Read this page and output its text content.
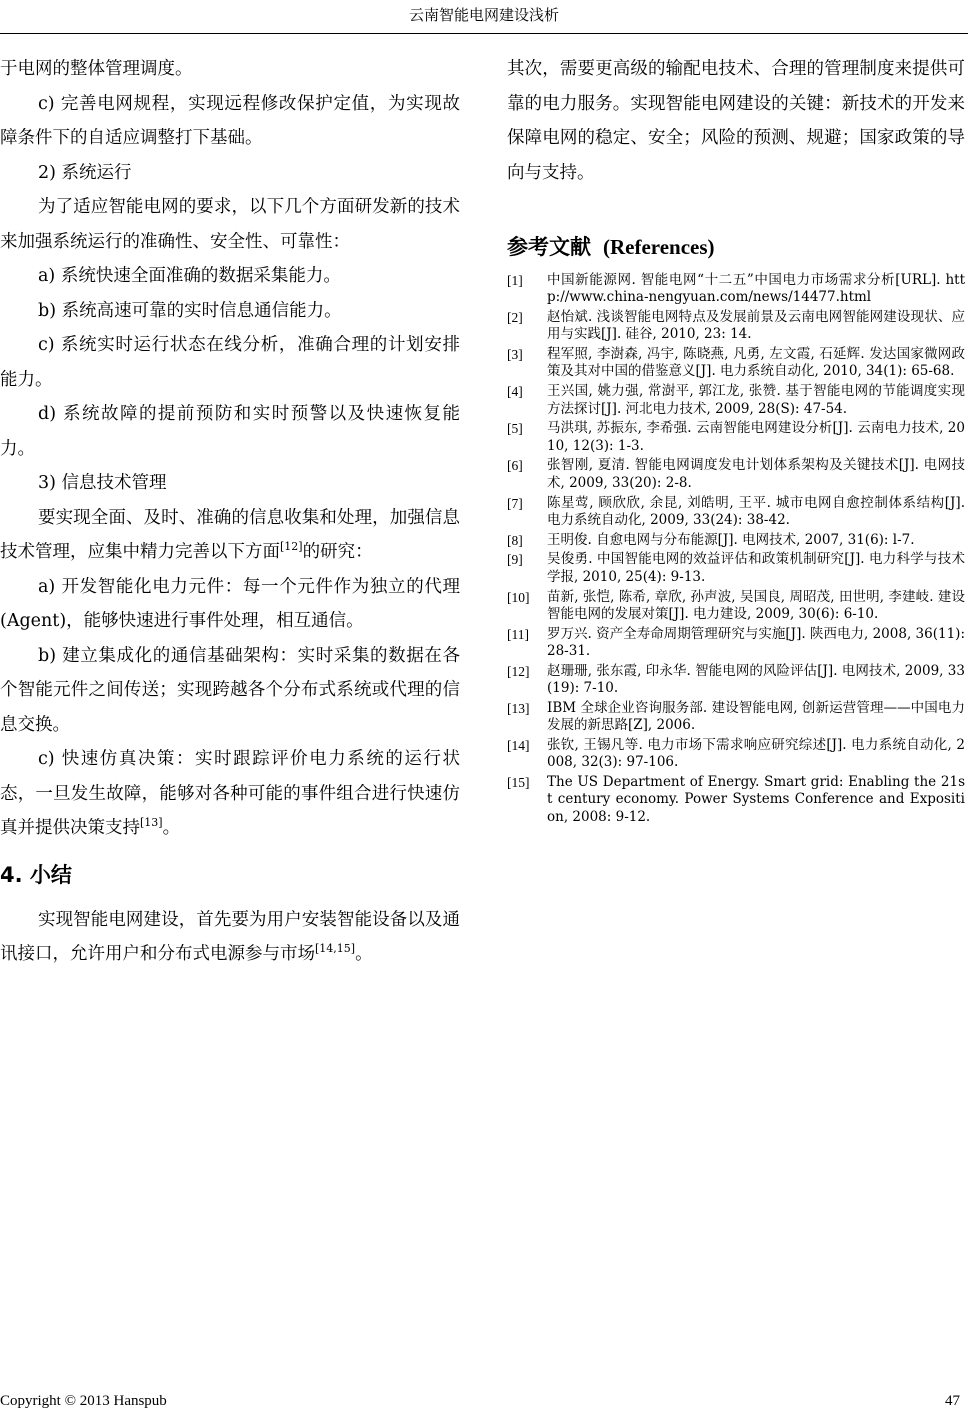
云南智能电网建设浅析

于电网的整体管理调度。

c) 完善电网规程，实现远程修改保护定值，为实现故障条件下的自适应调整打下基础。

2) 系统运行

为了适应智能电网的要求，以下几个方面研发新的技术来加强系统运行的准确性、安全性、可靠性：

a) 系统快速全面准确的数据采集能力。

b) 系统高速可靠的实时信息通信能力。

c) 系统实时运行状态在线分析，准确合理的计划安排能力。

d) 系统故障的提前预防和实时预警以及快速恢复能力。

3) 信息技术管理

要实现全面、及时、准确的信息收集和处理，加强信息技术管理，应集中精力完善以下方面[12]的研究：

a) 开发智能化电力元件：每一个元件作为独立的代理(Agent)，能够快速进行事件处理，相互通信。

b) 建立集成化的通信基础架构：实时采集的数据在各个智能元件之间传送；实现跨越各个分布式系统或代理的信息交换。

c) 快速仿真决策：实时跟踪评价电力系统的运行状态，一旦发生故障，能够对各种可能的事件组合进行快速仿真并提供决策支持[13]。

4. 小结

实现智能电网建设，首先要为用户安装智能设备以及通讯接口，允许用户和分布式电源参与市场[14,15]。

其次，需要更高级的输配电技术、合理的管理制度来提供可靠的电力服务。实现智能电网建设的关键：新技术的开发来保障电网的稳定、安全；风险的预测、规避；国家政策的导向与支持。

参考文献 (References)
[1]	中国新能源网. 智能电网“十二五”中国电力市场需求分析[URL]. http://www.china-nengyuan.com/news/14477.html
[2]	赵怡斌. 浅谈智能电网特点及发展前景及云南电网智能网建设现状、应用与实践[J]. 硅谷, 2010, 23: 14.
[3]	程军照, 李澍森, 冯宇, 陈晓燕, 凡勇, 左文霞, 石延辉. 发达国家微网政策及其对中国的借鉴意义[J]. 电力系统自动化, 2010, 34(1): 65-68.
[4]	王兴国, 姚力强, 常澍平, 郭江龙, 张赞. 基于智能电网的节能调度实现方法探讨[J]. 河北电力技术, 2009, 28(S): 47-54.
[5]	马洪琪, 苏振东, 李希强. 云南智能电网建设分析[J]. 云南电力技术, 2010, 12(3): 1-3.
[6]	张智刚, 夏清. 智能电网调度发电计划体系架构及关键技术[J]. 电网技术, 2009, 33(20): 2-8.
[7]	陈星莺, 顾欣欣, 余昆, 刘皓明, 王平. 城市电网自愈控制体系结构[J]. 电力系统自动化, 2009, 33(24): 38-42.
[8]	王明俊. 自愈电网与分布能源[J]. 电网技术, 2007, 31(6): l-7.
[9]	吴俊勇. 中国智能电网的效益评估和政策机制研究[J]. 电力科学与技术学报, 2010, 25(4): 9-13.
[10]	苗新, 张恺, 陈希, 章欣, 孙声波, 吴国良, 周昭茂, 田世明, 李建岐. 建设智能电网的发展对策[J]. 电力建设, 2009, 30(6): 6-10.
[11]	罗万兴. 资产全寿命周期管理研究与实施[J]. 陕西电力, 2008, 36(11): 28-31.
[12]	赵珊珊, 张东霞, 印永华. 智能电网的风险评估[J]. 电网技术, 2009, 33(19): 7-10.
[13]	IBM 全球企业咨询服务部. 建设智能电网, 创新运营管理——中国电力发展的新思路[Z], 2006.
[14]	张钦, 王锡凡等. 电力市场下需求响应研究综述[J]. 电力系统自动化, 2008, 32(3): 97-106.
[15]	The US Department of Energy. Smart grid: Enabling the 21st century economy. Power Systems Conference and Exposition, 2008: 9-12.
Copyright © 2013 Hanspub	47
